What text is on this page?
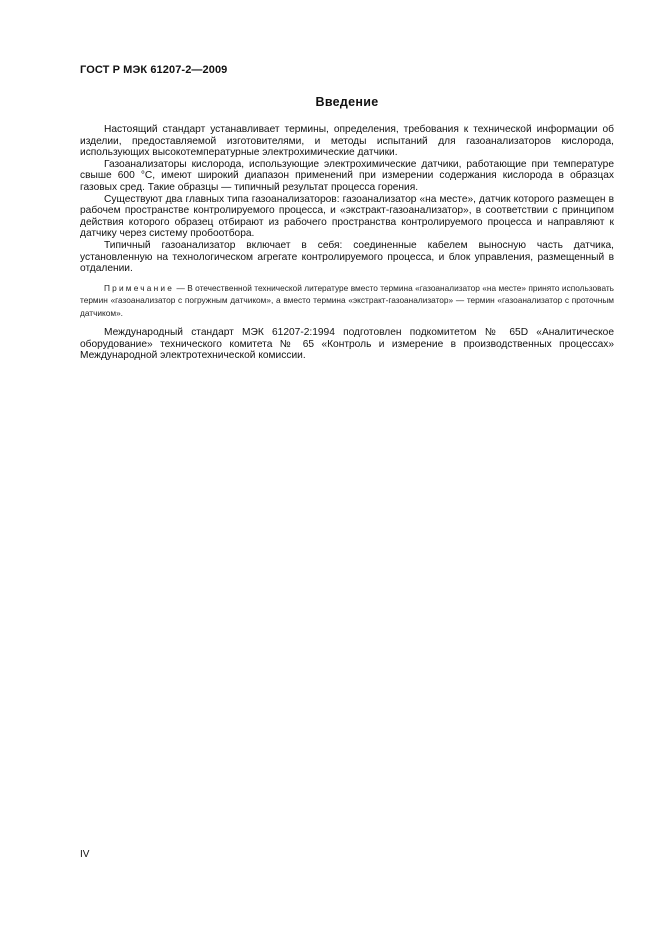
ГОСТ Р МЭК 61207-2—2009
Введение

Настоящий стандарт устанавливает термины, определения, требования к технической информации об изделии, предоставляемой изготовителями, и методы испытаний для газоанализаторов кислорода, использующих высокотемпературные электрохимические датчики.

Газоанализаторы кислорода, использующие электрохимические датчики, работающие при температуре свыше 600 °С, имеют широкий диапазон применений при измерении содержания кислорода в образцах газовых сред. Такие образцы — типичный результат процесса горения.

Существуют два главных типа газоанализаторов: газоанализатор «на месте», датчик которого размещен в рабочем пространстве контролируемого процесса, и «экстракт-газоанализатор», в соответствии с принципом действия которого образец отбирают из рабочего пространства контролируемого процесса и направляют к датчику через систему пробоотбора.

Типичный газоанализатор включает в себя: соединенные кабелем выносную часть датчика, установленную на технологическом агрегате контролируемого процесса, и блок управления, размещенный в отдалении.

Примечание — В отечественной технической литературе вместо термина «газоанализатор «на месте» принято использовать термин «газоанализатор с погружным датчиком», а вместо термина «экстракт-газоанализатор» — термин «газоанализатор с проточным датчиком».

Международный стандарт МЭК 61207-2:1994 подготовлен подкомитетом № 65D «Аналитическое оборудование» технического комитета № 65 «Контроль и измерение в производственных процессах» Международной электротехнической комиссии.

IV
